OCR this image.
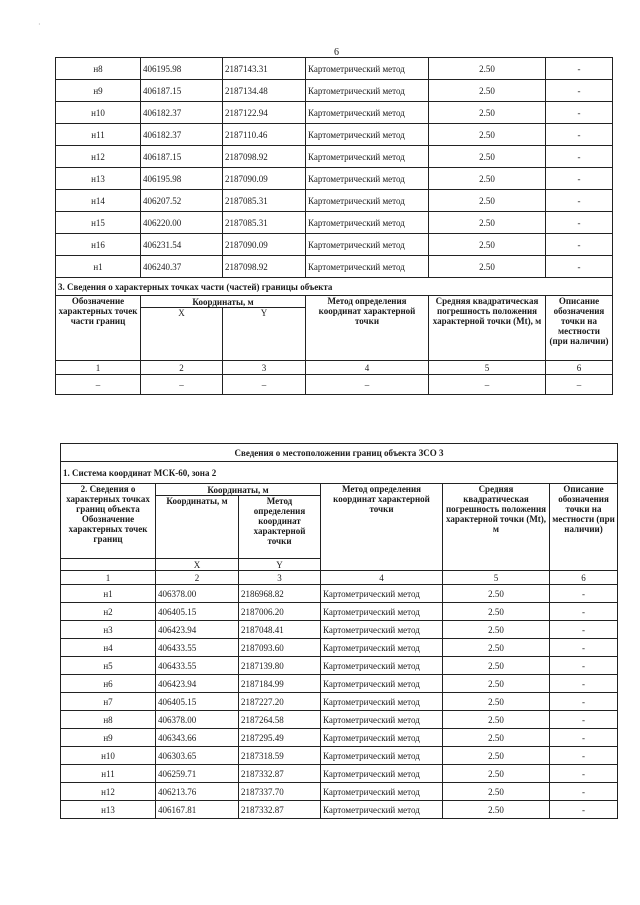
·
6
н8	406195.98	2187143.31	Картометрический метод	2.50	-
н9	406187.15	2187134.48	Картометрический метод	2.50	-
н10	406182.37	2187122.94	Картометрический метод	2.50	-
н11	406182.37	2187110.46	Картометрический метод	2.50	-
н12	406187.15	2187098.92	Картометрический метод	2.50	-
н13	406195.98	2187090.09	Картометрический метод	2.50	-
н14	406207.52	2187085.31	Картометрический метод	2.50	-
н15	406220.00	2187085.31	Картометрический метод	2.50	-
н16	406231.54	2187090.09	Картометрический метод	2.50	-
н1	406240.37	2187098.92	Картометрический метод	2.50	-
3. Сведения о характерных точках части (частей) границы объекта					
Обозначение характерных точек части границ	Координаты, м		Метод определения координат характерной точки	Средняя квадратическая погрешность положения характерной точки (Mt), м	Описание обозначения точки на местности (при наличии)
	X	Y			
1	2	3	4	5	6
–	–	–	–	–	–
Сведения о местоположении границ объекта ЗСО 3					
1. Система координат МСК-60, зона 2					
2. Сведения о характерных точках границ объекта Обозначение характерных точек границ	Координаты, м		Метод определения координат характерной точки	Средняя квадратическая погрешность положения характерной точки (Mt), м	Описание обозначения точки на местности (при наличии)
	Координаты, м	Метод определения координат характерной точки			
	X	Y			
1	2	3	4	5	6
н1	406378.00	2186968.82	Картометрический метод	2.50	-
н2	406405.15	2187006.20	Картометрический метод	2.50	-
н3	406423.94	2187048.41	Картометрический метод	2.50	-
н4	406433.55	2187093.60	Картометрический метод	2.50	-
н5	406433.55	2187139.80	Картометрический метод	2.50	-
н6	406423.94	2187184.99	Картометрический метод	2.50	-
н7	406405.15	2187227.20	Картометрический метод	2.50	-
н8	406378.00	2187264.58	Картометрический метод	2.50	-
н9	406343.66	2187295.49	Картометрический метод	2.50	-
н10	406303.65	2187318.59	Картометрический метод	2.50	-
н11	406259.71	2187332.87	Картометрический метод	2.50	-
н12	406213.76	2187337.70	Картометрический метод	2.50	-
н13	406167.81	2187332.87	Картометрический метод	2.50	-
